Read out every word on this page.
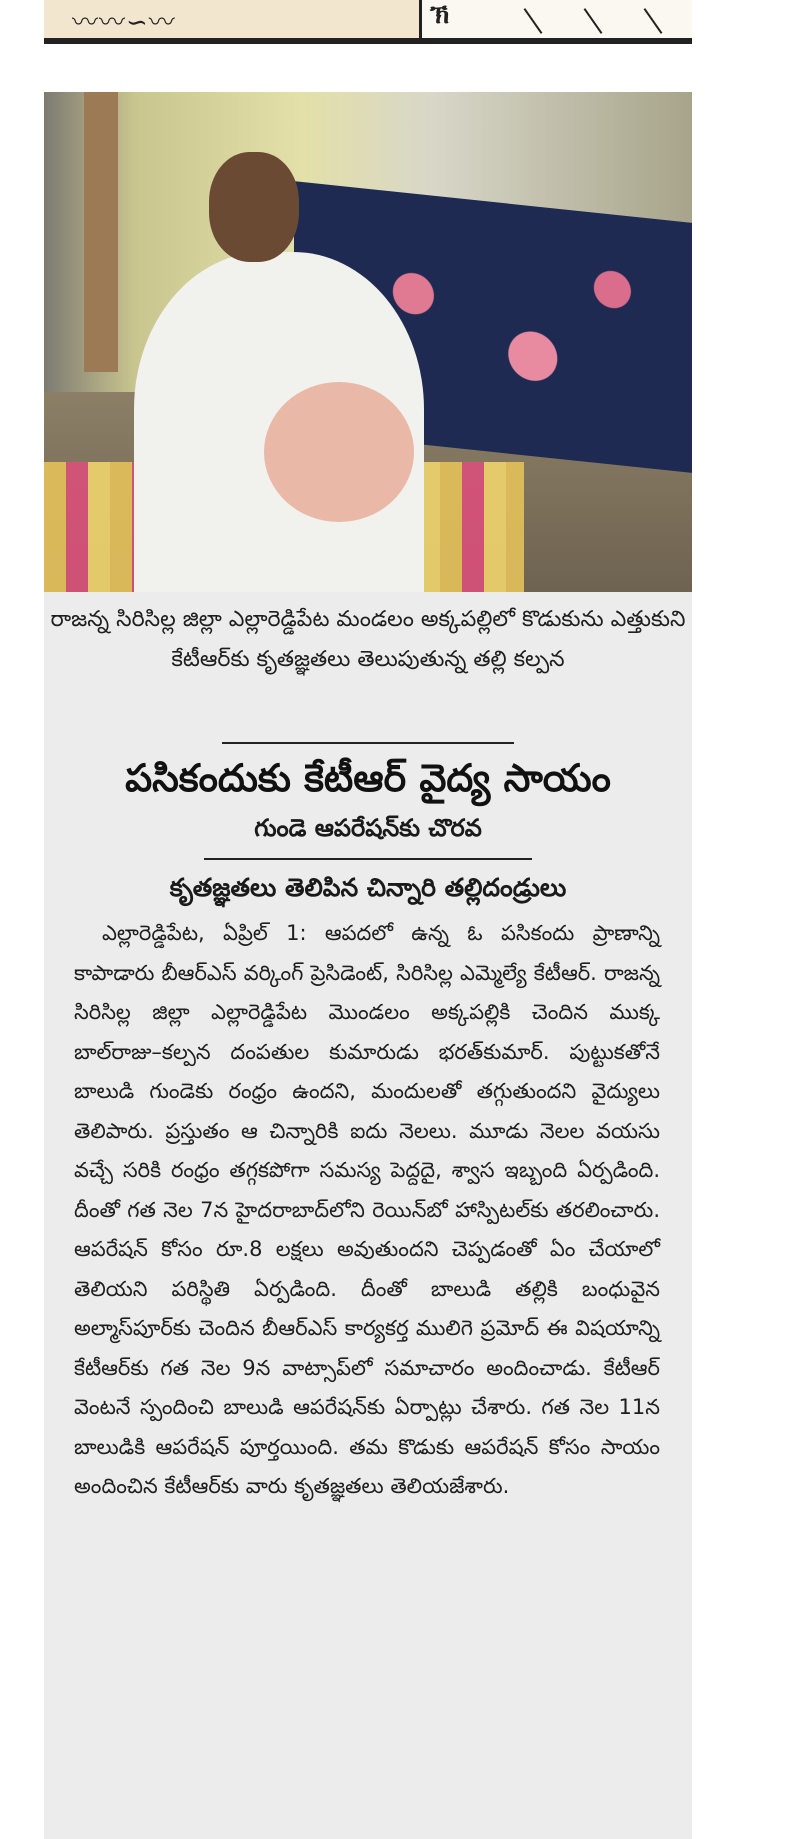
〰〰∽〰	ኽ
రాజన్న సిరిసిల్ల జిల్లా ఎల్లారెడ్డిపేట మండలం అక్కపల్లిలో కొడుకును ఎత్తుకుని కేటీఆర్‌కు కృతజ్ఞతలు తెలుపుతున్న తల్లి కల్పన
పసికందుకు కేటీఆర్ వైద్య సాయం
గుండె ఆపరేషన్‌కు చొరవ
కృతజ్ఞతలు తెలిపిన చిన్నారి తల్లిదండ్రులు
ఎల్లారెడ్డిపేట, ఏప్రిల్ 1: ఆపదలో ఉన్న ఓ పసికందు ప్రాణాన్ని కాపాడారు బీఆర్‌ఎస్ వర్కింగ్ ప్రెసిడెంట్, సిరిసిల్ల ఎమ్మెల్యే కేటీఆర్. రాజన్న సిరిసిల్ల జిల్లా ఎల్లారెడ్డిపేట మొండలం అక్కపల్లికి చెందిన ముక్క బాల్‌రాజు–కల్పన దంపతుల కుమారుడు భరత్‌కుమార్. పుట్టుకతోనే బాలుడి గుండెకు రంధ్రం ఉందని, మందులతో తగ్గుతుందని వైద్యులు తెలిపారు. ప్రస్తుతం ఆ చిన్నారికి ఐదు నెలలు. మూడు నెలల వయసు వచ్చే సరికి రంధ్రం తగ్గకపోగా సమస్య పెద్దదై, శ్వాస ఇబ్బంది ఏర్పడింది. దీంతో గత నెల 7న హైదరాబాద్‌లోని రెయిన్‌బో హాస్పిటల్‌కు తరలించారు. ఆపరేషన్ కోసం రూ.8 లక్షలు అవుతుందని చెప్పడంతో ఏం చేయాలో తెలియని పరిస్థితి ఏర్పడింది. దీంతో బాలుడి తల్లికి బంధువైన అల్మాస్‌పూర్‌కు చెందిన బీఆర్‌ఎస్ కార్యకర్త ములిగె ప్రమోద్ ఈ విషయాన్ని కేటీఆర్‌కు గత నెల 9న వాట్సాప్‌లో సమాచారం అందించాడు. కేటీఆర్ వెంటనే స్పందించి బాలుడి ఆపరేషన్‌కు ఏర్పాట్లు చేశారు. గత నెల 11న బాలుడికి ఆపరేషన్ పూర్తయింది. తమ కొడుకు ఆపరేషన్ కోసం సాయం అందించిన కేటీఆర్‌కు వారు కృతజ్ఞతలు తెలియజేశారు.
